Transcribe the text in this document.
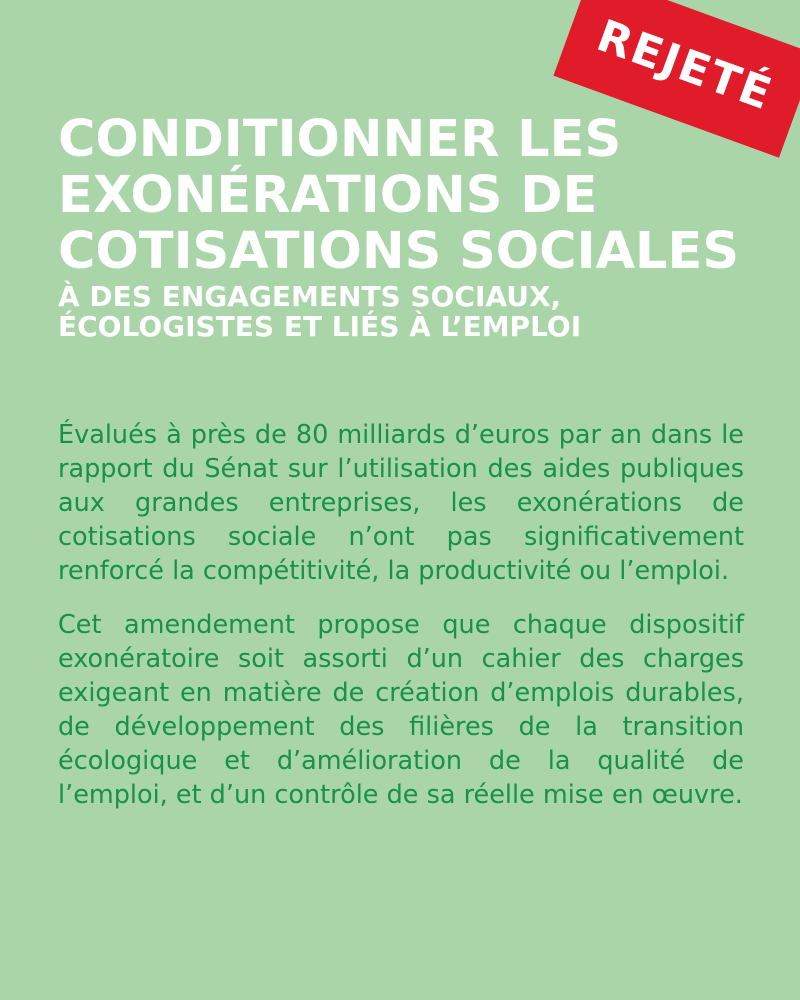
REJETÉ
CONDITIONNER LES EXONÉRATIONS DE COTISATIONS SOCIALES
À DES ENGAGEMENTS SOCIAUX, ÉCOLOGISTES ET LIÉS À L’EMPLOI

Évalués à près de 80 milliards d’euros par an dans le rapport du Sénat sur l’utilisation des aides publiques aux grandes entreprises, les exonérations de cotisations sociale n’ont pas significativement renforcé la compétitivité, la productivité ou l’emploi.

Cet amendement propose que chaque dispositif exonératoire soit assorti d’un cahier des charges exigeant en matière de création d’emplois durables, de développement des filières de la transition écologique et d’amélioration de la qualité de l’emploi, et d’un contrôle de sa réelle mise en œuvre.
